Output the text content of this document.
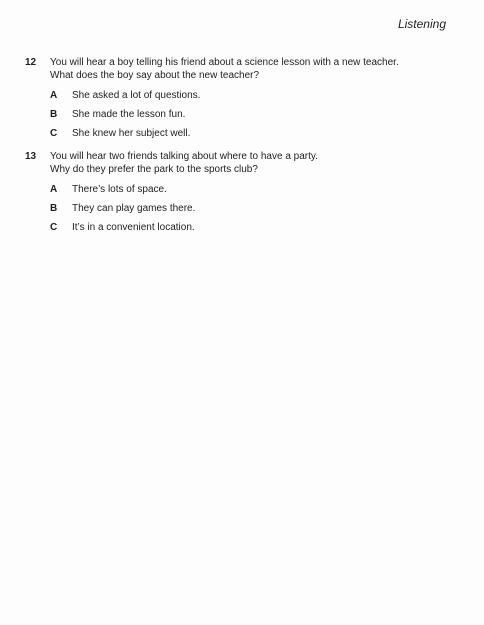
Listening
12	You will hear a boy telling his friend about a science lesson with a new teacher.
What does the boy say about the new teacher?
A	She asked a lot of questions.
B	She made the lesson fun.
C	She knew her subject well.
13	You will hear two friends talking about where to have a party.
Why do they prefer the park to the sports club?
A	There’s lots of space.
B	They can play games there.
C	It’s in a convenient location.
